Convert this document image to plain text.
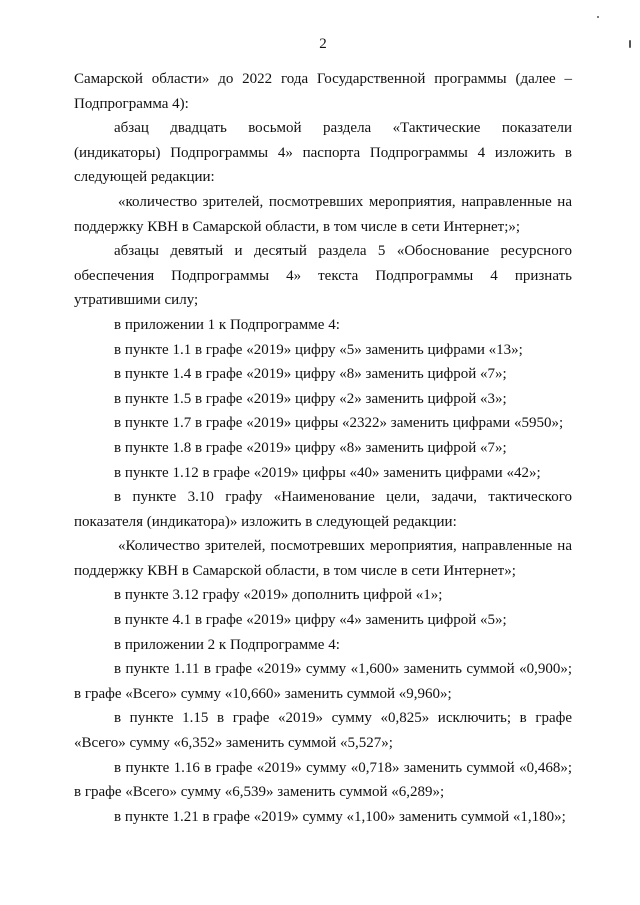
2

Самарской области» до 2022 года Государственной программы (далее – Подпрограмма 4):

абзац двадцать восьмой раздела «Тактические показатели (индикаторы) Подпрограммы 4» паспорта Подпрограммы 4 изложить в следующей редакции:

«количество зрителей, посмотревших мероприятия, направленные на поддержку КВН в Самарской области, в том числе в сети Интернет;»;

абзацы девятый и десятый раздела 5 «Обоснование ресурсного обеспечения Подпрограммы 4» текста Подпрограммы 4 признать утратившими силу;

в приложении 1 к Подпрограмме 4:

в пункте 1.1 в графе «2019» цифру «5» заменить цифрами «13»;

в пункте 1.4 в графе «2019» цифру «8» заменить цифрой «7»;

в пункте 1.5 в графе «2019» цифру «2» заменить цифрой «3»;

в пункте 1.7 в графе «2019» цифры «2322» заменить цифрами «5950»;

в пункте 1.8 в графе «2019» цифру «8» заменить цифрой «7»;

в пункте 1.12 в графе «2019» цифры «40» заменить цифрами «42»;

в пункте 3.10 графу «Наименование цели, задачи, тактического показателя (индикатора)» изложить в следующей редакции:

«Количество зрителей, посмотревших мероприятия, направленные на поддержку КВН в Самарской области, в том числе в сети Интернет»;

в пункте 3.12 графу «2019» дополнить цифрой «1»;

в пункте 4.1 в графе «2019» цифру «4» заменить цифрой «5»;

в приложении 2 к Подпрограмме 4:

в пункте 1.11 в графе «2019» сумму «1,600» заменить суммой «0,900»; в графе «Всего» сумму «10,660» заменить суммой «9,960»;

в пункте 1.15 в графе «2019» сумму «0,825» исключить; в графе «Всего» сумму «6,352» заменить суммой «5,527»;

в пункте 1.16 в графе «2019» сумму «0,718» заменить суммой «0,468»; в графе «Всего» сумму «6,539» заменить суммой «6,289»;

в пункте 1.21 в графе «2019» сумму «1,100» заменить суммой «1,180»;
